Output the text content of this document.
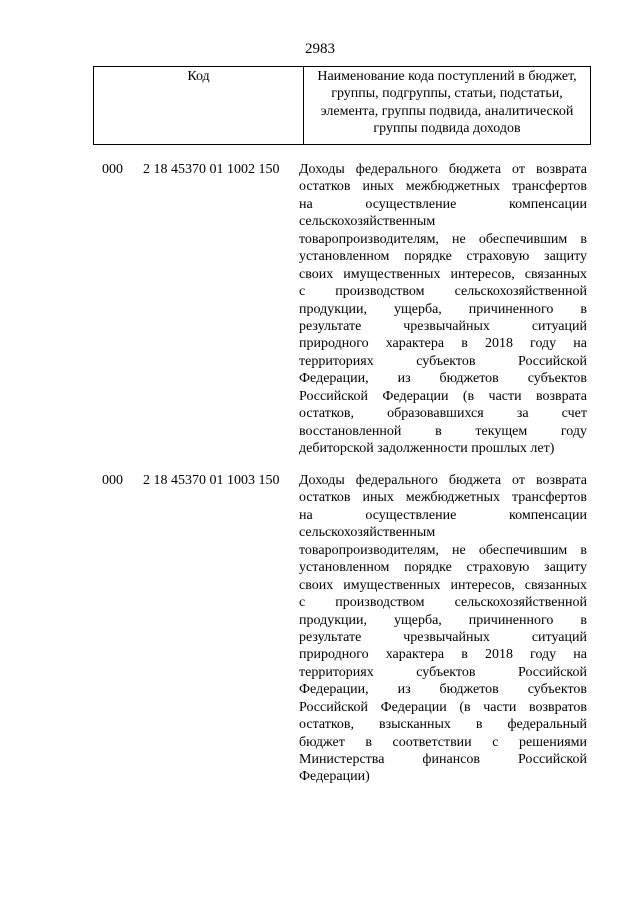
2983
Код	Наименование кода поступлений в бюджет, группы, подгруппы, статьи, подстатьи, элемента, группы подвида, аналитической группы подвида доходов
000 2 18 45370 01 1002 150 Доходы федерального бюджета от возврата
остатков иных межбюджетных трансфертов
на осуществление компенсации
сельскохозяйственным
товаропроизводителям, не обеспечившим в
установленном порядке страховую защиту
своих имущественных интересов, связанных
с производством сельскохозяйственной
продукции, ущерба, причиненного в
результате чрезвычайных ситуаций
природного характера в 2018 году на
территориях субъектов Российской
Федерации, из бюджетов субъектов
Российской Федерации (в части возврата
остатков, образовавшихся за счет
восстановленной в текущем году
дебиторской задолженности прошлых лет)
000 2 18 45370 01 1003 150 Доходы федерального бюджета от возврата
остатков иных межбюджетных трансфертов
на осуществление компенсации
сельскохозяйственным
товаропроизводителям, не обеспечившим в
установленном порядке страховую защиту
своих имущественных интересов, связанных
с производством сельскохозяйственной
продукции, ущерба, причиненного в
результате чрезвычайных ситуаций
природного характера в 2018 году на
территориях субъектов Российской
Федерации, из бюджетов субъектов
Российской Федерации (в части возвратов
остатков, взысканных в федеральный
бюджет в соответствии с решениями
Министерства финансов Российской
Федерации)
